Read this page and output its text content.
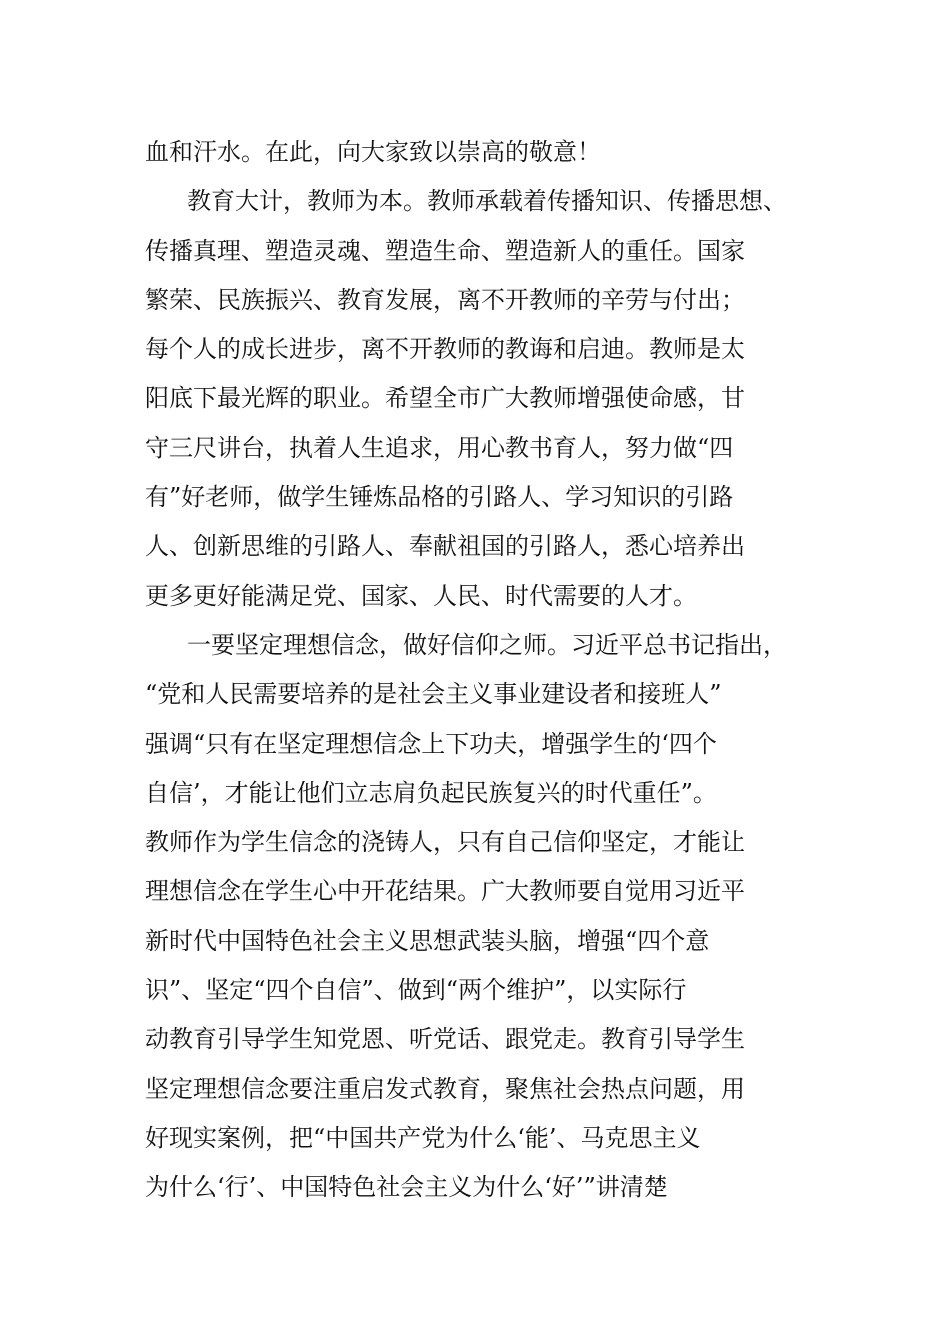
血和汗水。在此，向大家致以崇高的敬意！
教育大计，教师为本。教师承载着传播知识、传播思想、
传播真理、塑造灵魂、塑造生命、塑造新人的重任。国家
繁荣、民族振兴、教育发展，离不开教师的辛劳与付出；
每个人的成长进步，离不开教师的教诲和启迪。教师是太
阳底下最光辉的职业。希望全市广大教师增强使命感，甘
守三尺讲台，执着人生追求，用心教书育人，努力做“四
有”好老师，做学生锤炼品格的引路人、学习知识的引路
人、创新思维的引路人、奉献祖国的引路人，悉心培养出
更多更好能满足党、国家、人民、时代需要的人才。
一要坚定理想信念，做好信仰之师。习近平总书记指出，
“党和人民需要培养的是社会主义事业建设者和接班人”
强调“只有在坚定理想信念上下功夫，增强学生的‘四个
自信’，才能让他们立志肩负起民族复兴的时代重任”。
教师作为学生信念的浇铸人，只有自己信仰坚定，才能让
理想信念在学生心中开花结果。广大教师要自觉用习近平
新时代中国特色社会主义思想武装头脑，增强“四个意
识”、坚定“四个自信”、做到“两个维护”，以实际行
动教育引导学生知党恩、听党话、跟党走。教育引导学生
坚定理想信念要注重启发式教育，聚焦社会热点问题，用
好现实案例，把“中国共产党为什么‘能’、马克思主义
为什么‘行’、中国特色社会主义为什么‘好’”讲清楚
